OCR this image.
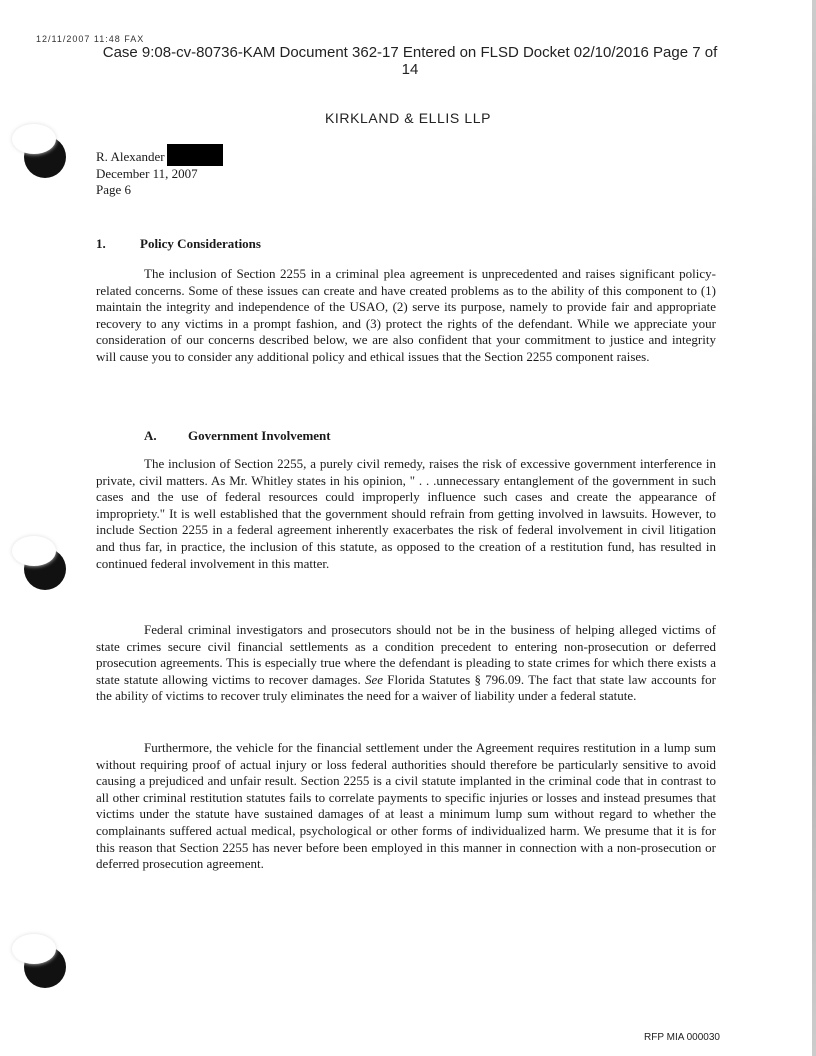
12/11/2007 11:48 FAX
Case 9:08-cv-80736-KAM Document 362-17 Entered on FLSD Docket 02/10/2016 Page 7 of
14
KIRKLAND & ELLIS LLP
R. Alexander
December 11, 2007
Page 6
1.	Policy Considerations

The inclusion of Section 2255 in a criminal plea agreement is unprecedented and raises significant policy-related concerns. Some of these issues can create and have created problems as to the ability of this component to (1) maintain the integrity and independence of the USAO, (2) serve its purpose, namely to provide fair and appropriate recovery to any victims in a prompt fashion, and (3) protect the rights of the defendant. While we appreciate your consideration of our concerns described below, we are also confident that your commitment to justice and integrity will cause you to consider any additional policy and ethical issues that the Section 2255 component raises.

A. Government Involvement

The inclusion of Section 2255, a purely civil remedy, raises the risk of excessive government interference in private, civil matters. As Mr. Whitley states in his opinion, " . . .unnecessary entanglement of the government in such cases and the use of federal resources could improperly influence such cases and create the appearance of impropriety." It is well established that the government should refrain from getting involved in lawsuits. However, to include Section 2255 in a federal agreement inherently exacerbates the risk of federal involvement in civil litigation and thus far, in practice, the inclusion of this statute, as opposed to the creation of a restitution fund, has resulted in continued federal involvement in this matter.

Federal criminal investigators and prosecutors should not be in the business of helping alleged victims of state crimes secure civil financial settlements as a condition precedent to entering non-prosecution or deferred prosecution agreements. This is especially true where the defendant is pleading to state crimes for which there exists a state statute allowing victims to recover damages. See Florida Statutes § 796.09. The fact that state law accounts for the ability of victims to recover truly eliminates the need for a waiver of liability under a federal statute.

Furthermore, the vehicle for the financial settlement under the Agreement requires restitution in a lump sum without requiring proof of actual injury or loss federal authorities should therefore be particularly sensitive to avoid causing a prejudiced and unfair result. Section 2255 is a civil statute implanted in the criminal code that in contrast to all other criminal restitution statutes fails to correlate payments to specific injuries or losses and instead presumes that victims under the statute have sustained damages of at least a minimum lump sum without regard to whether the complainants suffered actual medical, psychological or other forms of individualized harm. We presume that it is for this reason that Section 2255 has never before been employed in this manner in connection with a non-prosecution or deferred prosecution agreement.

RFP MIA 000030
